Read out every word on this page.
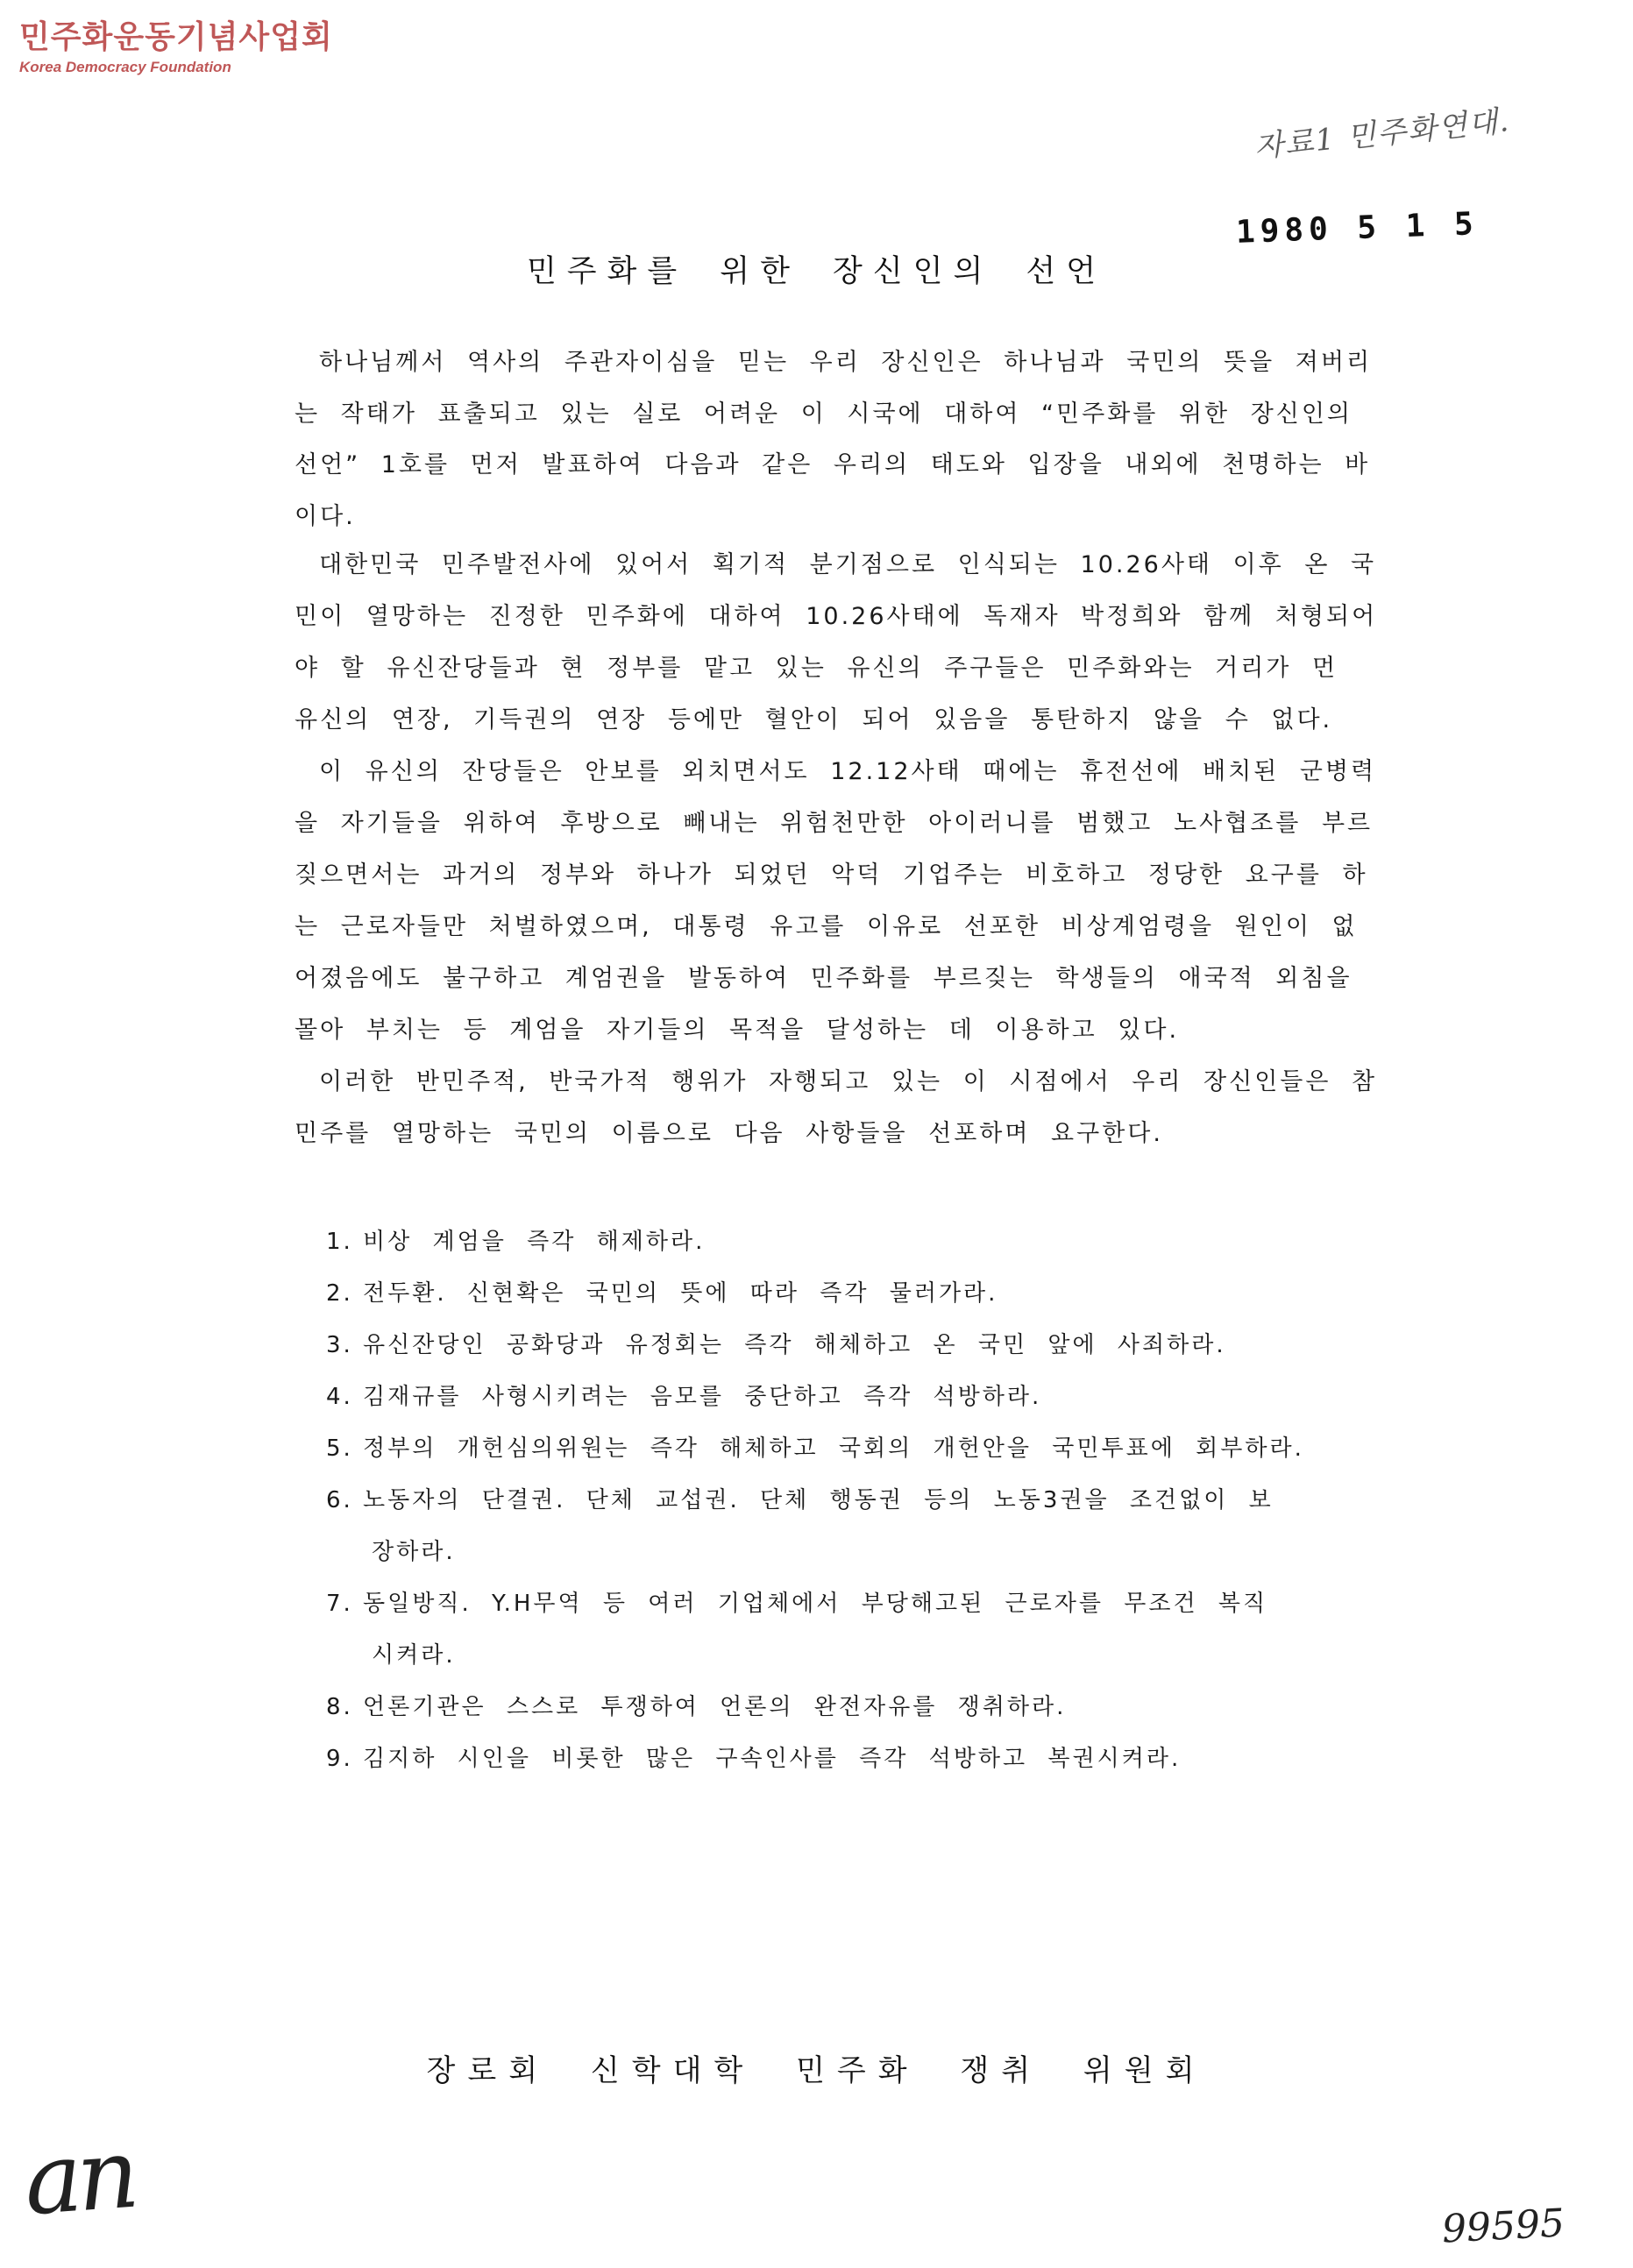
민주화운동기념사업회
Korea Democracy Foundation
자료1 민주화연대.
1980 5 1 5
민주화를 위한 장신인의 선언

하나님께서 역사의 주관자이심을 믿는 우리 장신인은 하나님과 국민의 뜻을 져버리는 작태가 표출되고 있는 실로 어려운 이 시국에 대하여 “민주화를 위한 장신인의 선언” 1호를 먼저 발표하여 다음과 같은 우리의 태도와 입장을 내외에 천명하는 바이다.

대한민국 민주발전사에 있어서 획기적 분기점으로 인식되는 10.26사태 이후 온 국민이 열망하는 진정한 민주화에 대하여 10.26사태에 독재자 박정희와 함께 처형되어야 할 유신잔당들과 현 정부를 맡고 있는 유신의 주구들은 민주화와는 거리가 먼 유신의 연장, 기득권의 연장 등에만 혈안이 되어 있음을 통탄하지 않을 수 없다.

이 유신의 잔당들은 안보를 외치면서도 12.12사태 때에는 휴전선에 배치된 군병력을 자기들을 위하여 후방으로 빼내는 위험천만한 아이러니를 범했고 노사협조를 부르짖으면서는 과거의 정부와 하나가 되었던 악덕 기업주는 비호하고 정당한 요구를 하는 근로자들만 처벌하였으며, 대통령 유고를 이유로 선포한 비상계엄령을 원인이 없어졌음에도 불구하고 계엄권을 발동하여 민주화를 부르짖는 학생들의 애국적 외침을 몰아 부치는 등 계엄을 자기들의 목적을 달성하는 데 이용하고 있다.

이러한 반민주적, 반국가적 행위가 자행되고 있는 이 시점에서 우리 장신인들은 참 민주를 열망하는 국민의 이름으로 다음 사항들을 선포하며 요구한다.

1. 비상 계엄을 즉각 해제하라.
2. 전두환. 신현확은 국민의 뜻에 따라 즉각 물러가라.
3. 유신잔당인 공화당과 유정회는 즉각 해체하고 온 국민 앞에 사죄하라.
4. 김재규를 사형시키려는 음모를 중단하고 즉각 석방하라.
5. 정부의 개헌심의위원는 즉각 해체하고 국회의 개헌안을 국민투표에 회부하라.
6. 노동자의 단결권. 단체 교섭권. 단체 행동권 등의 노동3권을 조건없이 보
장하라.
7. 동일방직. Y.H무역 등 여러 기업체에서 부당해고된 근로자를 무조건 복직
시켜라.
8. 언론기관은 스스로 투쟁하여 언론의 완전자유를 쟁취하라.
9. 김지하 시인을 비롯한 많은 구속인사를 즉각 석방하고 복권시켜라.
장로회 신학대학 민주화 쟁취 위원회
an	99595
